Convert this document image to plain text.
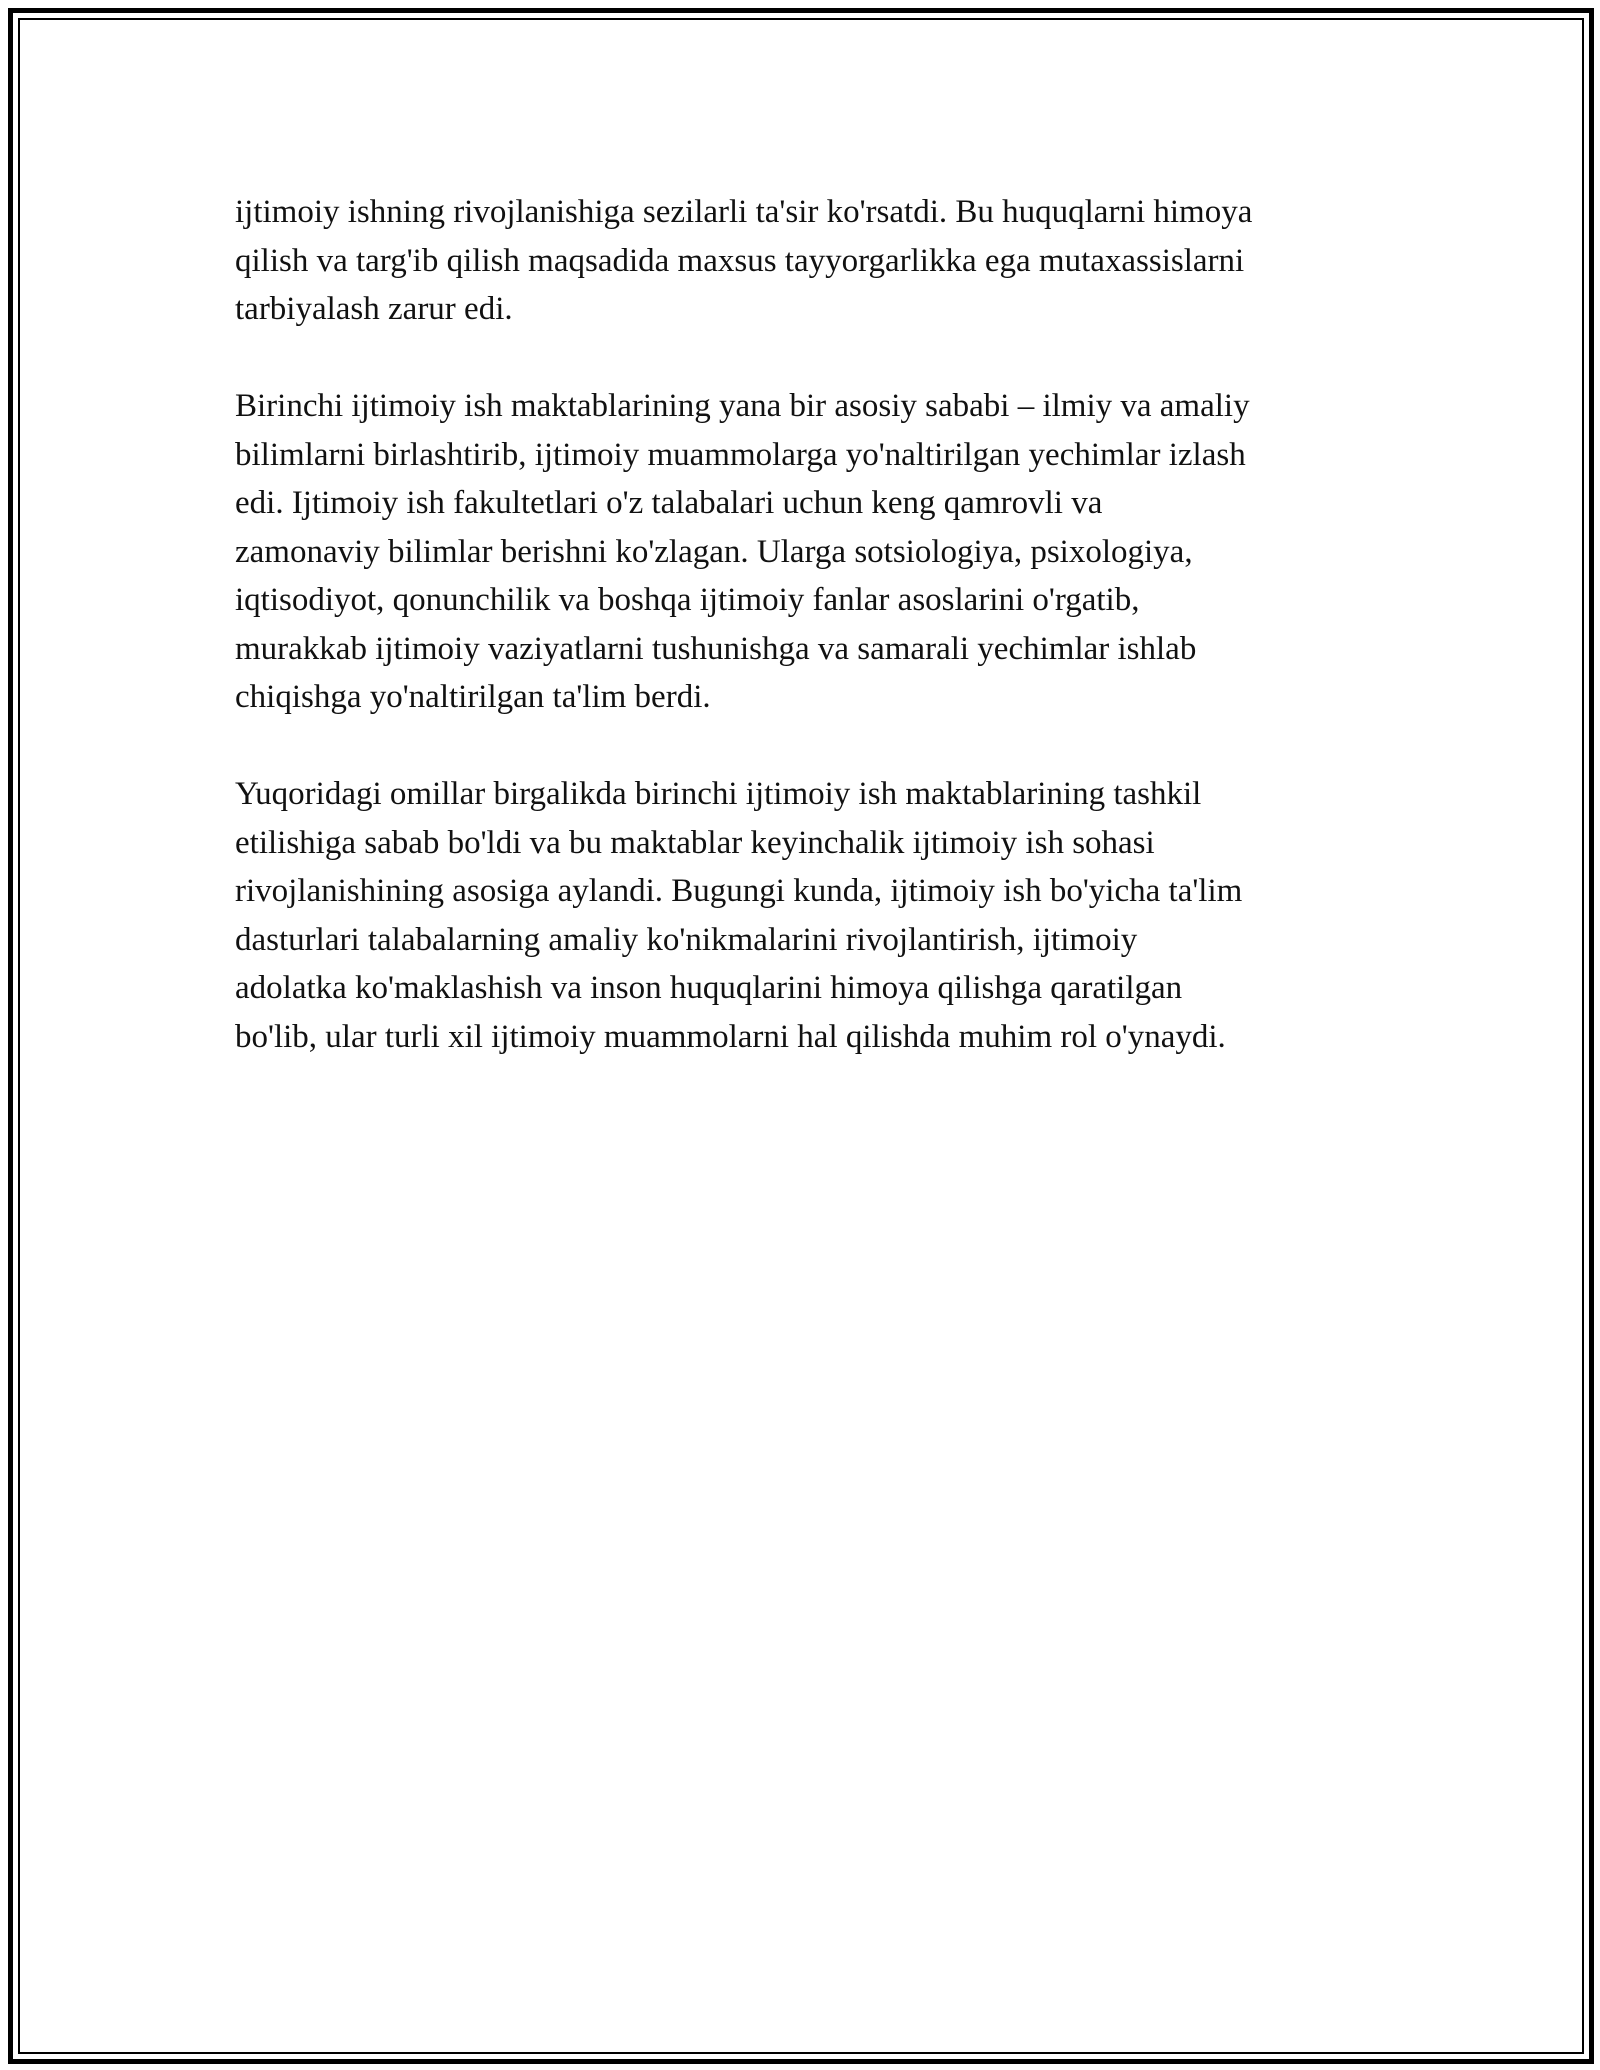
ijtimoiy ishning rivojlanishiga sezilarli ta'sir ko'rsatdi. Bu huquqlarni himoya
qilish va targ'ib qilish maqsadida maxsus tayyorgarlikka ega mutaxassislarni
tarbiyalash zarur edi.

Birinchi ijtimoiy ish maktablarining yana bir asosiy sababi – ilmiy va amaliy
bilimlarni birlashtirib, ijtimoiy muammolarga yo'naltirilgan yechimlar izlash
edi. Ijtimoiy ish fakultetlari o'z talabalari uchun keng qamrovli va
zamonaviy bilimlar berishni ko'zlagan. Ularga sotsiologiya, psixologiya,
iqtisodiyot, qonunchilik va boshqa ijtimoiy fanlar asoslarini o'rgatib,
murakkab ijtimoiy vaziyatlarni tushunishga va samarali yechimlar ishlab
chiqishga yo'naltirilgan ta'lim berdi.

Yuqoridagi omillar birgalikda birinchi ijtimoiy ish maktablarining tashkil
etilishiga sabab bo'ldi va bu maktablar keyinchalik ijtimoiy ish sohasi
rivojlanishining asosiga aylandi. Bugungi kunda, ijtimoiy ish bo'yicha ta'lim
dasturlari talabalarning amaliy ko'nikmalarini rivojlantirish, ijtimoiy
adolatka ko'maklashish va inson huquqlarini himoya qilishga qaratilgan
bo'lib, ular turli xil ijtimoiy muammolarni hal qilishda muhim rol o'ynaydi.
